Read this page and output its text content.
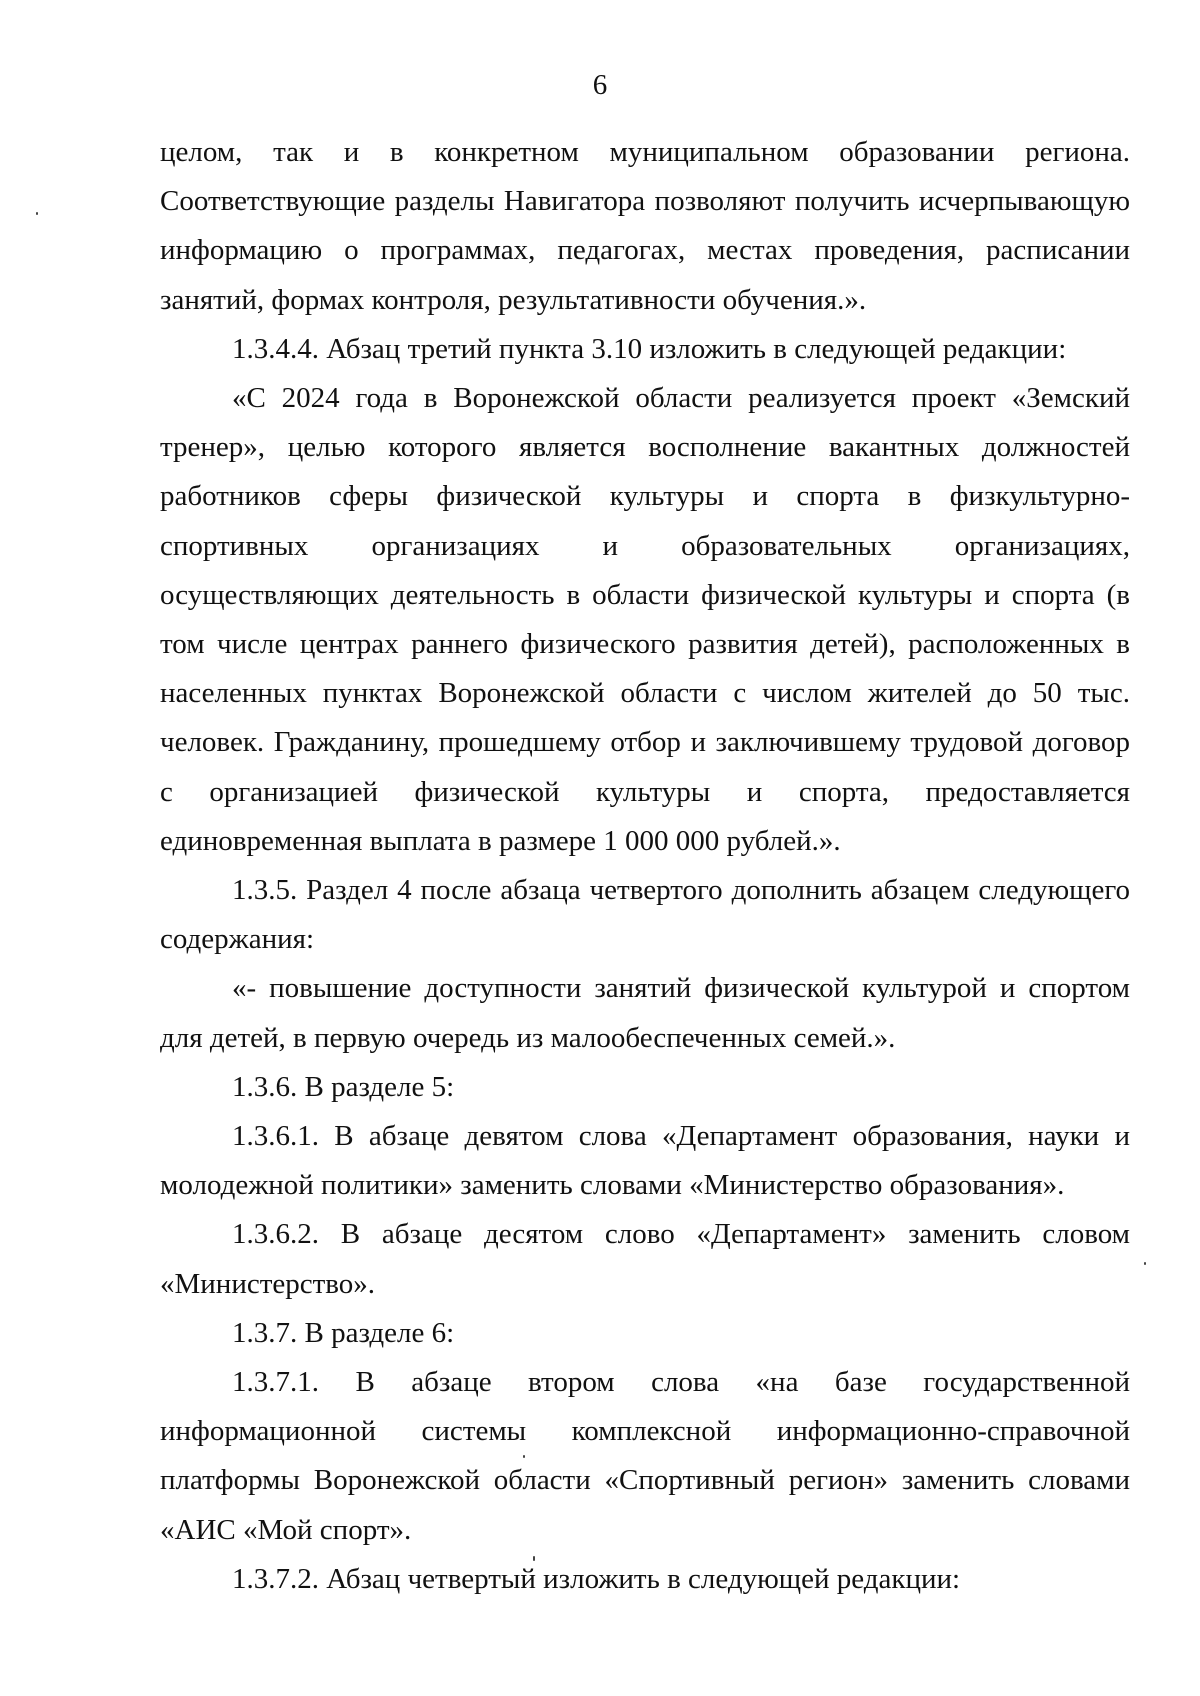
6

целом, так и в конкретном муниципальном образовании региона. Соответствующие разделы Навигатора позволяют получить исчерпывающую информацию о программах, педагогах, местах проведения, расписании занятий, формах контроля, результативности обучения.».

1.3.4.4. Абзац третий пункта 3.10 изложить в следующей редакции:

«С 2024 года в Воронежской области реализуется проект «Земский тренер», целью которого является восполнение вакантных должностей работников сферы физической культуры и спорта в физкультурно-спортивных организациях и образовательных организациях, осуществляющих деятельность в области физической культуры и спорта (в том числе центрах раннего физического развития детей), расположенных в населенных пунктах Воронежской области с числом жителей до 50 тыс. человек. Гражданину, прошедшему отбор и заключившему трудовой договор с организацией физической культуры и спорта, предоставляется единовременная выплата в размере 1 000 000 рублей.».

1.3.5. Раздел 4 после абзаца четвертого дополнить абзацем следующего содержания:

«- повышение доступности занятий физической культурой и спортом для детей, в первую очередь из малообеспеченных семей.».

1.3.6. В разделе 5:

1.3.6.1. В абзаце девятом слова «Департамент образования, науки и молодежной политики» заменить словами «Министерство образования».

1.3.6.2. В абзаце десятом слово «Департамент» заменить словом «Министерство».

1.3.7. В разделе 6:

1.3.7.1. В абзаце втором слова «на базе государственной информационной системы комплексной информационно-справочной платформы Воронежской области «Спортивный регион» заменить словами «АИС «Мой спорт».

1.3.7.2. Абзац четвертый изложить в следующей редакции:
